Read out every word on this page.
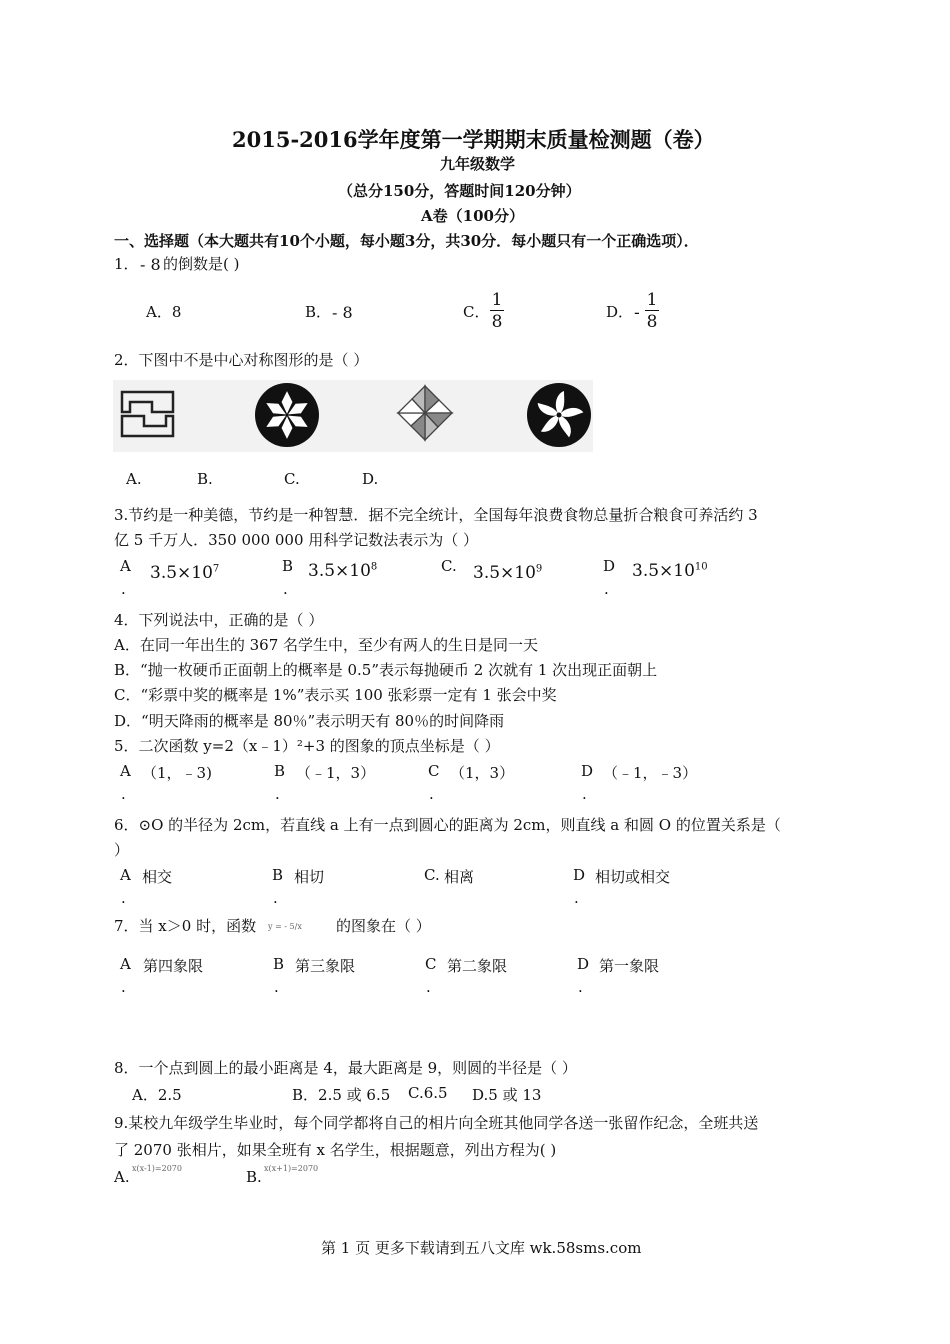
2015-2016学年度第一学期期末质量检测题（卷）
九年级数学
（总分150分，答题时间120分钟）
A卷（100分）
一、选择题（本大题共有10个小题，每小题3分，共30分．每小题只有一个正确选项）．
1． - 8 的倒数是( )
A．8	B． - 8	C． $\frac{1}{8}$	D． - $\frac{1}{8}$
2．下图中不是中心对称图形的是（ ）
A.	B.	C.	D.
3.节约是一种美德，节约是一种智慧．据不完全统计，全国每年浪费食物总量折合粮食可养活约 3
亿 5 千万人．350 000 000 用科学记数法表示为（ ）
A
.
$3.5\times 10^7$	B
.
$3.5\times 10^8$	C. $3.5\times 10^9$	D
.
$3.5\times 10^{10}$
4．下列说法中，正确的是（ ）
A．在同一年出生的 367 名学生中，至少有两人的生日是同一天
B．“抛一枚硬币正面朝上的概率是 0.5”表示每抛硬币 2 次就有 1 次出现正面朝上
C．“彩票中奖的概率是 1%”表示买 100 张彩票一定有 1 张会中奖
D．“明天降雨的概率是 80％”表示明天有 80％的时间降雨
5．二次函数 y=2（x﹣1）²+3 的图象的顶点坐标是（ ）
A （1，﹣3)
.
B （﹣1，3）
.
C （1，3）
.
D （﹣1，﹣3）
.
6．⊙O 的半径为 2cm，若直线 a 上有一点到圆心的距离为 2cm，则直线 a 和圆 O 的位置关系是（
）
A 相交
.
B 相切
.
C. 相离	D 相切或相交
.
7．当 x＞0 时，函数 y = - 5/x 的图象在（ ）
A 第四象限
.
B 第三象限
.
C 第二象限
.
D 第一象限
.
8．一个点到圆上的最小距离是 4，最大距离是 9，则圆的半径是（ ）
A．2.5	B．2.5 或 6.5 C.6.5 D.5 或 13
9.某校九年级学生毕业时，每个同学都将自己的相片向全班其他同学各送一张留作纪念，全班共送
了 2070 张相片，如果全班有 x 名学生，根据题意，列出方程为( )
A. x(x-1)=2070	B. x(x+1)=2070
第 1 页 更多下载请到五八文库 wk.58sms.com
